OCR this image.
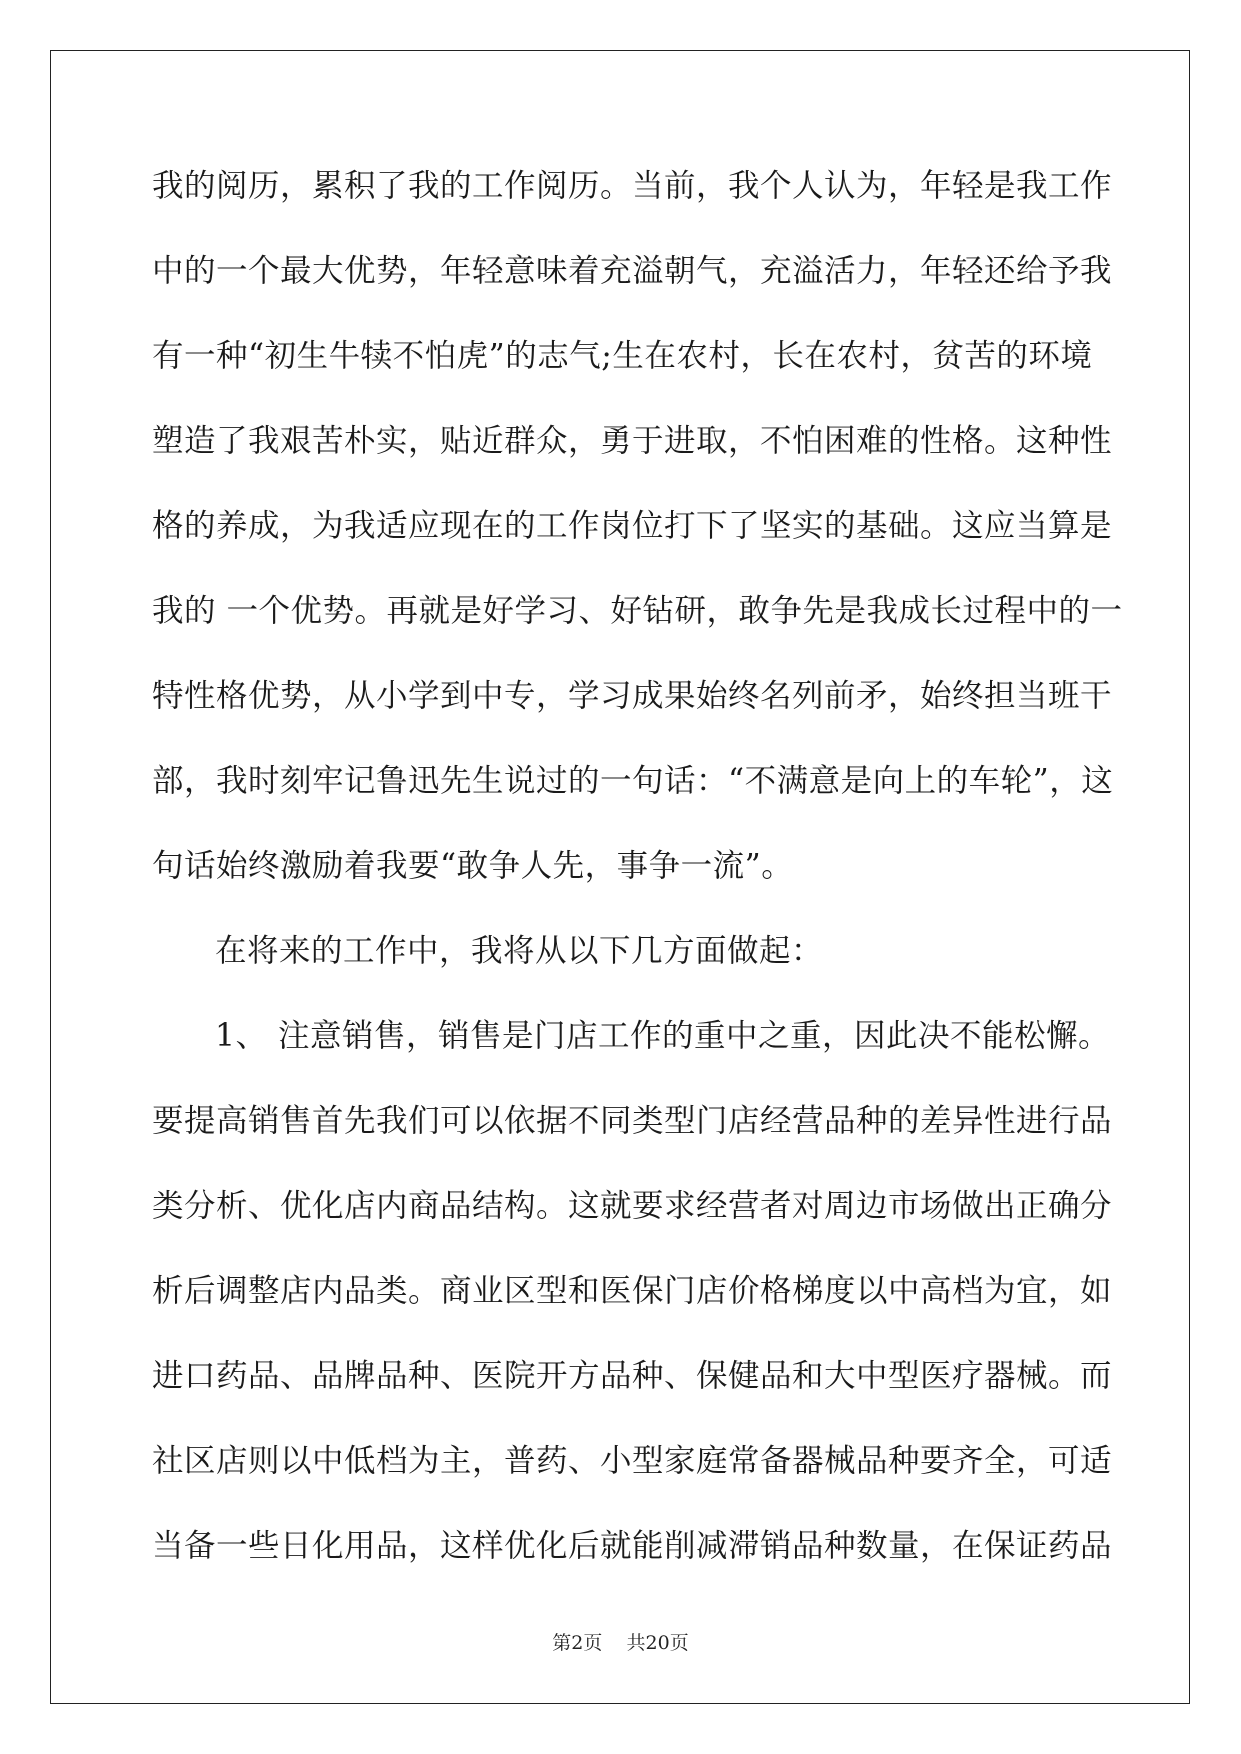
我的阅历，累积了我的工作阅历。当前，我个人认为，年轻是我工作
中的一个最大优势，年轻意味着充溢朝气，充溢活力，年轻还给予我
有一种“初生牛犊不怕虎”的志气;生在农村，长在农村，贫苦的环境
塑造了我艰苦朴实，贴近群众，勇于进取，不怕困难的性格。这种性
格的养成，为我适应现在的工作岗位打下了坚实的基础。这应当算是
我的 一个优势。再就是好学习、好钻研，敢争先是我成长过程中的一
特性格优势，从小学到中专，学习成果始终名列前矛，始终担当班干
部，我时刻牢记鲁迅先生说过的一句话：“不满意是向上的车轮”，这
句话始终激励着我要“敢争人先，事争一流”。
在将来的工作中，我将从以下几方面做起：
1、 注意销售，销售是门店工作的重中之重，因此决不能松懈。
要提高销售首先我们可以依据不同类型门店经营品种的差异性进行品
类分析、优化店内商品结构。这就要求经营者对周边市场做出正确分
析后调整店内品类。商业区型和医保门店价格梯度以中高档为宜，如
进口药品、品牌品种、医院开方品种、保健品和大中型医疗器械。而
社区店则以中低档为主，普药、小型家庭常备器械品种要齐全，可适
当备一些日化用品，这样优化后就能削减滞销品种数量，在保证药品
第2页 共20页
